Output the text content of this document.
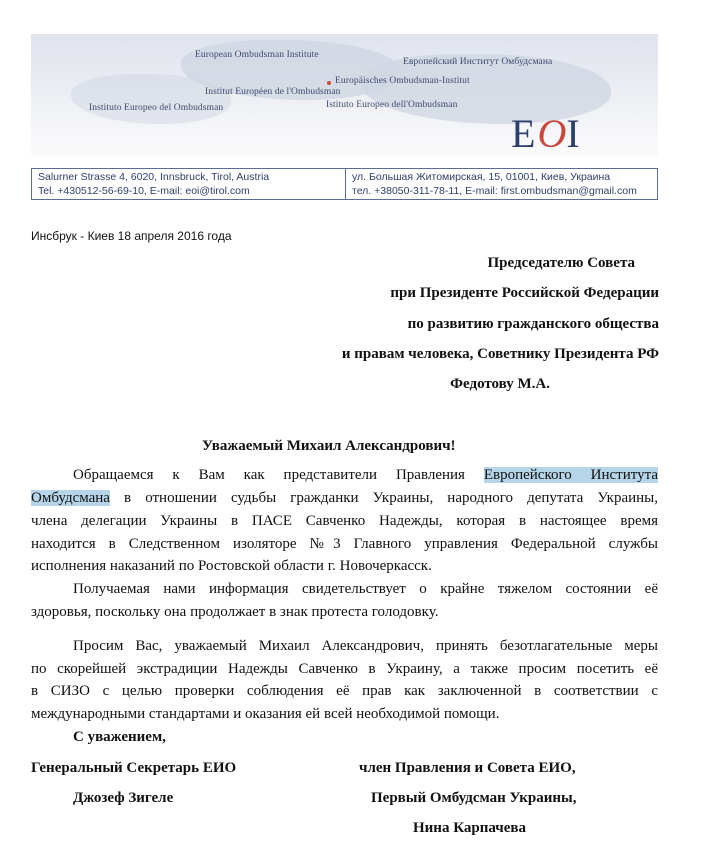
European Ombudsman Institute
Европейский Институт Омбудсмана
Europäisches Ombudsman-Institut
Institut Européen de l'Ombudsman
Instituto Europeo del Ombudsman	Istituto Europeo dell'Ombudsman
EOI
Salurner Strasse 4, 6020, Innsbruck, Tirol, Austria
Tel. +430512-56-69-10, E-mail: eoi@tirol.com
ул. Большая Житомирская, 15, 01001, Киев, Украина
тел. +38050-311-78-11, E-mail: first.ombudsman@gmail.com
Инсбрук - Киев 18 апреля 2016 года
Председателю Совета
при Президенте Российской Федерации
по развитию гражданского общества
и правам человека, Советнику Президента РФ
Федотову М.А.
Уважаемый Михаил Александрович!
Обращаемся к Вам как представители Правления Европейского Института
Омбудсмана в отношении судьбы гражданки Украины, народного депутата Украины,
члена делегации Украины в ПАСЕ Савченко Надежды, которая в настоящее время
находится в Следственном изоляторе №3 Главного управления Федеральной службы
исполнения наказаний по Ростовской области г. Новочеркасск.
Получаемая нами информация свидетельствует о крайне тяжелом состоянии её
здоровья, поскольку она продолжает в знак протеста голодовку.
Просим Вас, уважаемый Михаил Александрович, принять безотлагательные меры
по скорейшей экстрадиции Надежды Савченко в Украину, а также просим посетить её
в СИЗО с целью проверки соблюдения её прав как заключенной в соответствии с
международными стандартами и оказания ей всей необходимой помощи.
С уважением,
Генеральный Секретарь ЕИО
Джозеф Зигеле
член Правления и Совета ЕИО,
Первый Омбудсман Украины,
Нина Карпачева
